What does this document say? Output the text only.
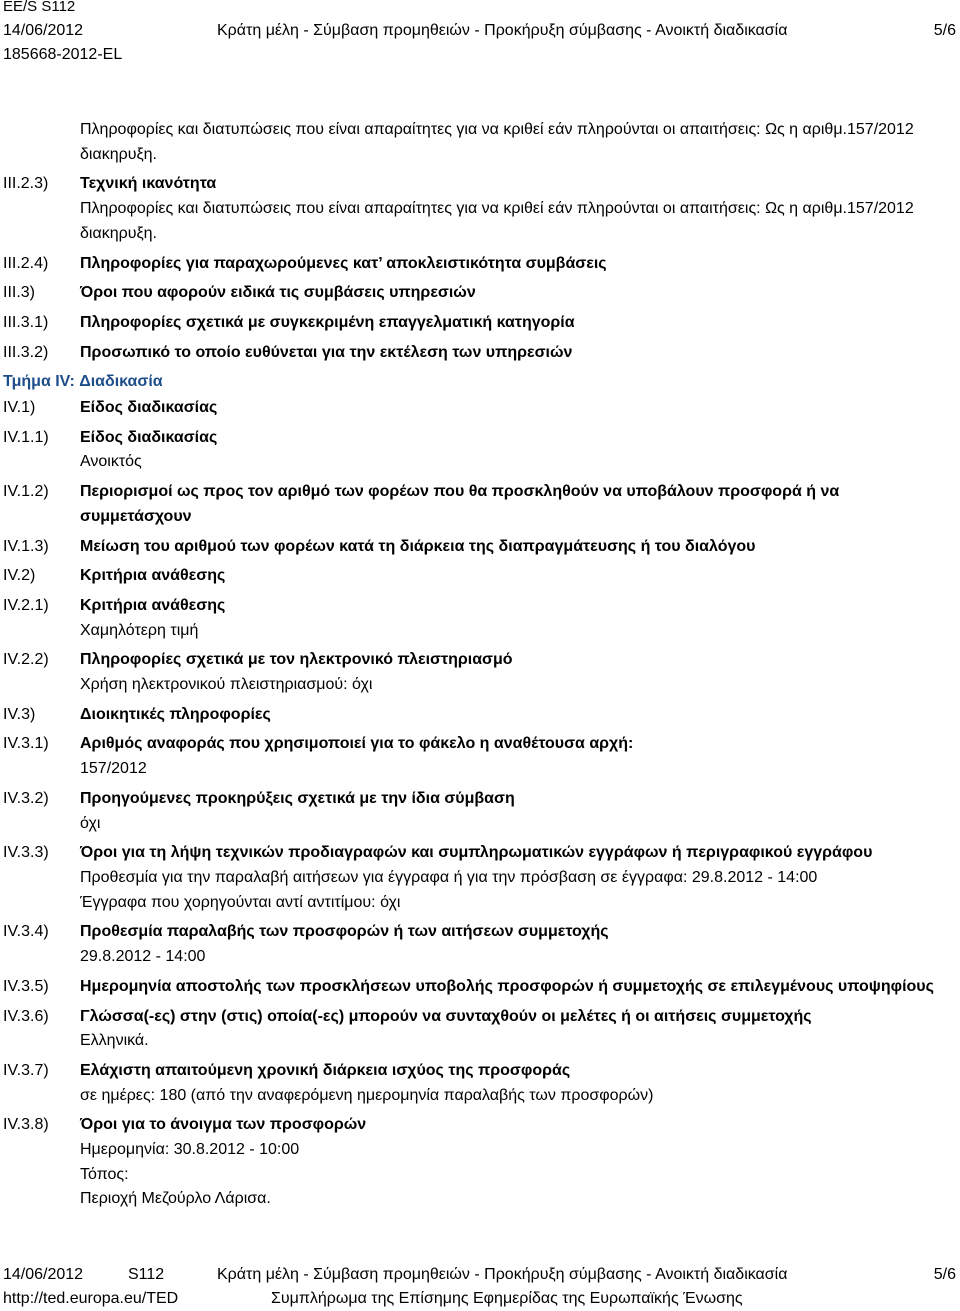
EE/S S112
14/06/2012
185668-2012-EL
Κράτη μέλη - Σύμβαση προμηθειών - Προκήρυξη σύμβασης - Ανοικτή διαδικασία	5/6
Πληροφορίες και διατυπώσεις που είναι απαραίτητες για να κριθεί εάν πληρούνται οι απαιτήσεις: Ως η αριθμ.157/2012 διακηρυξη.
III.2.3)	Τεχνική ικανότητα
Πληροφορίες και διατυπώσεις που είναι απαραίτητες για να κριθεί εάν πληρούνται οι απαιτήσεις: Ως η αριθμ.157/2012 διακηρυξη.
III.2.4)	Πληροφορίες για παραχωρούμενες κατ’ αποκλειστικότητα συμβάσεις
III.3)	Όροι που αφορούν ειδικά τις συμβάσεις υπηρεσιών
III.3.1)	Πληροφορίες σχετικά με συγκεκριμένη επαγγελματική κατηγορία
III.3.2)	Προσωπικό το οποίο ευθύνεται για την εκτέλεση των υπηρεσιών
Τμήμα IV: Διαδικασία
IV.1)	Είδος διαδικασίας
IV.1.1)	Είδος διαδικασίας
Ανοικτός
IV.1.2)	Περιορισμοί ως προς τον αριθμό των φορέων που θα προσκληθούν να υποβάλουν προσφορά ή να συμμετάσχουν
IV.1.3)	Μείωση του αριθμού των φορέων κατά τη διάρκεια της διαπραγμάτευσης ή του διαλόγου
IV.2)	Κριτήρια ανάθεσης
IV.2.1)	Κριτήρια ανάθεσης
Χαμηλότερη τιμή
IV.2.2)	Πληροφορίες σχετικά με τον ηλεκτρονικό πλειστηριασμό
Χρήση ηλεκτρονικού πλειστηριασμού: όχι
IV.3)	Διοικητικές πληροφορίες
IV.3.1)	Αριθμός αναφοράς που χρησιμοποιεί για το φάκελο η αναθέτουσα αρχή:
157/2012
IV.3.2)	Προηγούμενες προκηρύξεις σχετικά με την ίδια σύμβαση
όχι
IV.3.3)	Όροι για τη λήψη τεχνικών προδιαγραφών και συμπληρωματικών εγγράφων ή περιγραφικού εγγράφου
Προθεσμία για την παραλαβή αιτήσεων για έγγραφα ή για την πρόσβαση σε έγγραφα: 29.8.2012 - 14:00
Έγγραφα που χορηγούνται αντί αντιτίμου: όχι
IV.3.4)	Προθεσμία παραλαβής των προσφορών ή των αιτήσεων συμμετοχής
29.8.2012 - 14:00
IV.3.5)	Ημερομηνία αποστολής των προσκλήσεων υποβολής προσφορών ή συμμετοχής σε επιλεγμένους υποψηφίους
IV.3.6)	Γλώσσα(-ες) στην (στις) οποία(-ες) μπορούν να συνταχθούν οι μελέτες ή οι αιτήσεις συμμετοχής
Ελληνικά.
IV.3.7)	Ελάχιστη απαιτούμενη χρονική διάρκεια ισχύος της προσφοράς
σε ημέρες: 180 (από την αναφερόμενη ημερομηνία παραλαβής των προσφορών)
IV.3.8)	Όροι για το άνοιγμα των προσφορών
Ημερομηνία: 30.8.2012 - 10:00
Τόπος:
Περιοχή Μεζούρλο Λάρισα.
14/06/2012	S112	Κράτη μέλη - Σύμβαση προμηθειών - Προκήρυξη σύμβασης - Ανοικτή διαδικασία	5/6
http://ted.europa.eu/TED	Συμπλήρωμα της Επίσημης Εφημερίδας της Ευρωπαϊκής Ένωσης
